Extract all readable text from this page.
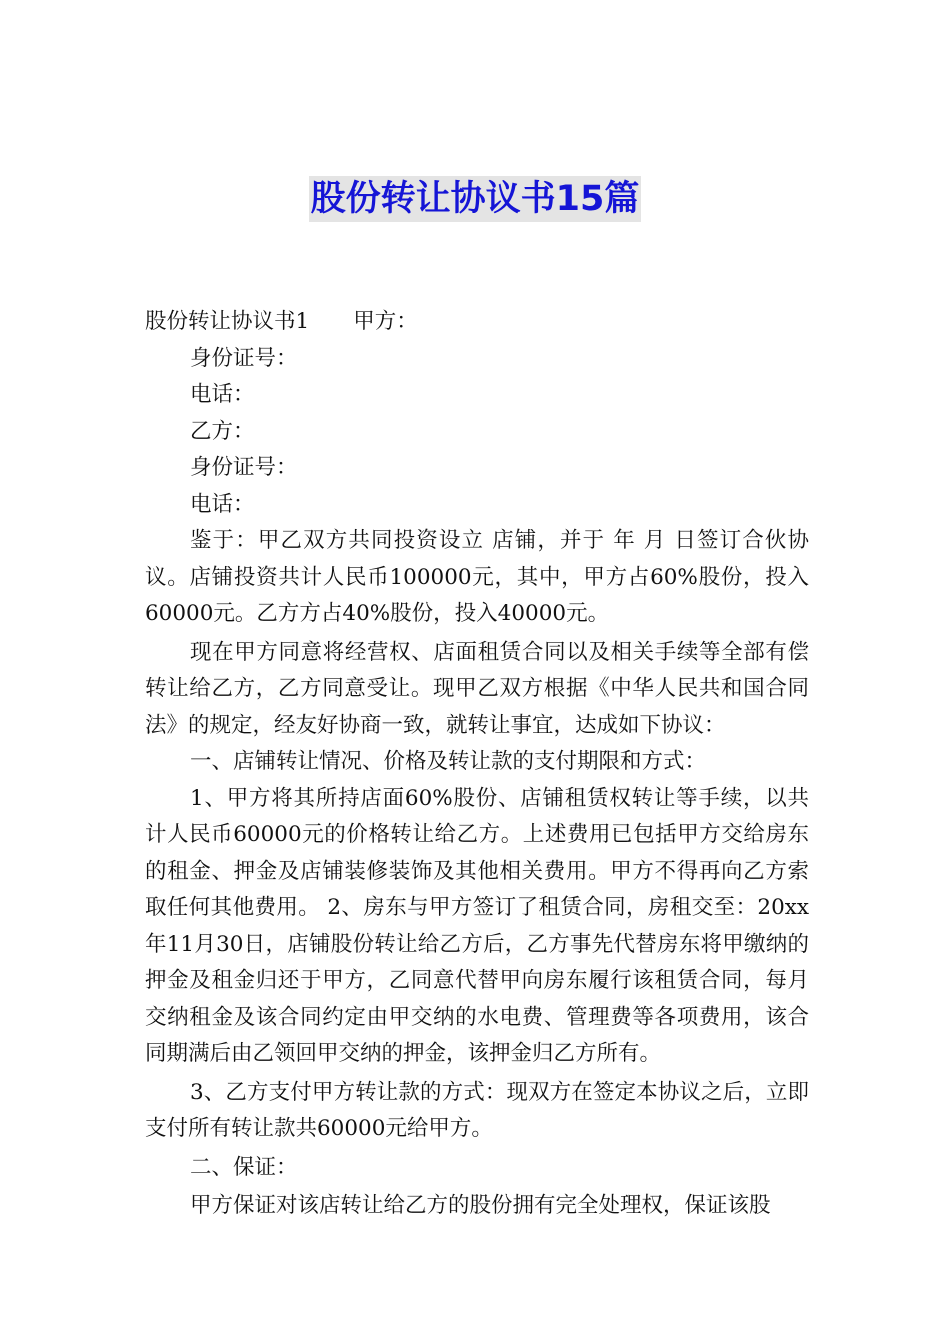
股份转让协议书15篇

股份转让协议书1 甲方：

身份证号：

电话：

乙方：

身份证号：

电话：

鉴于：甲乙双方共同投资设立 店铺，并于 年 月 日签订合伙协议。店铺投资共计人民币100000元，其中，甲方占60%股份，投入60000元。乙方方占40%股份，投入40000元。

现在甲方同意将经营权、店面租赁合同以及相关手续等全部有偿转让给乙方，乙方同意受让。现甲乙双方根据《中华人民共和国合同法》的规定，经友好协商一致，就转让事宜，达成如下协议：

一、店铺转让情况、价格及转让款的支付期限和方式：

1、甲方将其所持店面60%股份、店铺租赁权转让等手续，以共计人民币60000元的价格转让给乙方。上述费用已包括甲方交给房东的租金、押金及店铺装修装饰及其他相关费用。甲方不得再向乙方索取任何其他费用。 2、房东与甲方签订了租赁合同，房租交至：20xx年11月30日，店铺股份转让给乙方后，乙方事先代替房东将甲缴纳的押金及租金归还于甲方，乙同意代替甲向房东履行该租赁合同，每月交纳租金及该合同约定由甲交纳的水电费、管理费等各项费用，该合同期满后由乙领回甲交纳的押金，该押金归乙方所有。

3、乙方支付甲方转让款的方式：现双方在签定本协议之后，立即支付所有转让款共60000元给甲方。

二、保证：

甲方保证对该店转让给乙方的股份拥有完全处理权，保证该股
